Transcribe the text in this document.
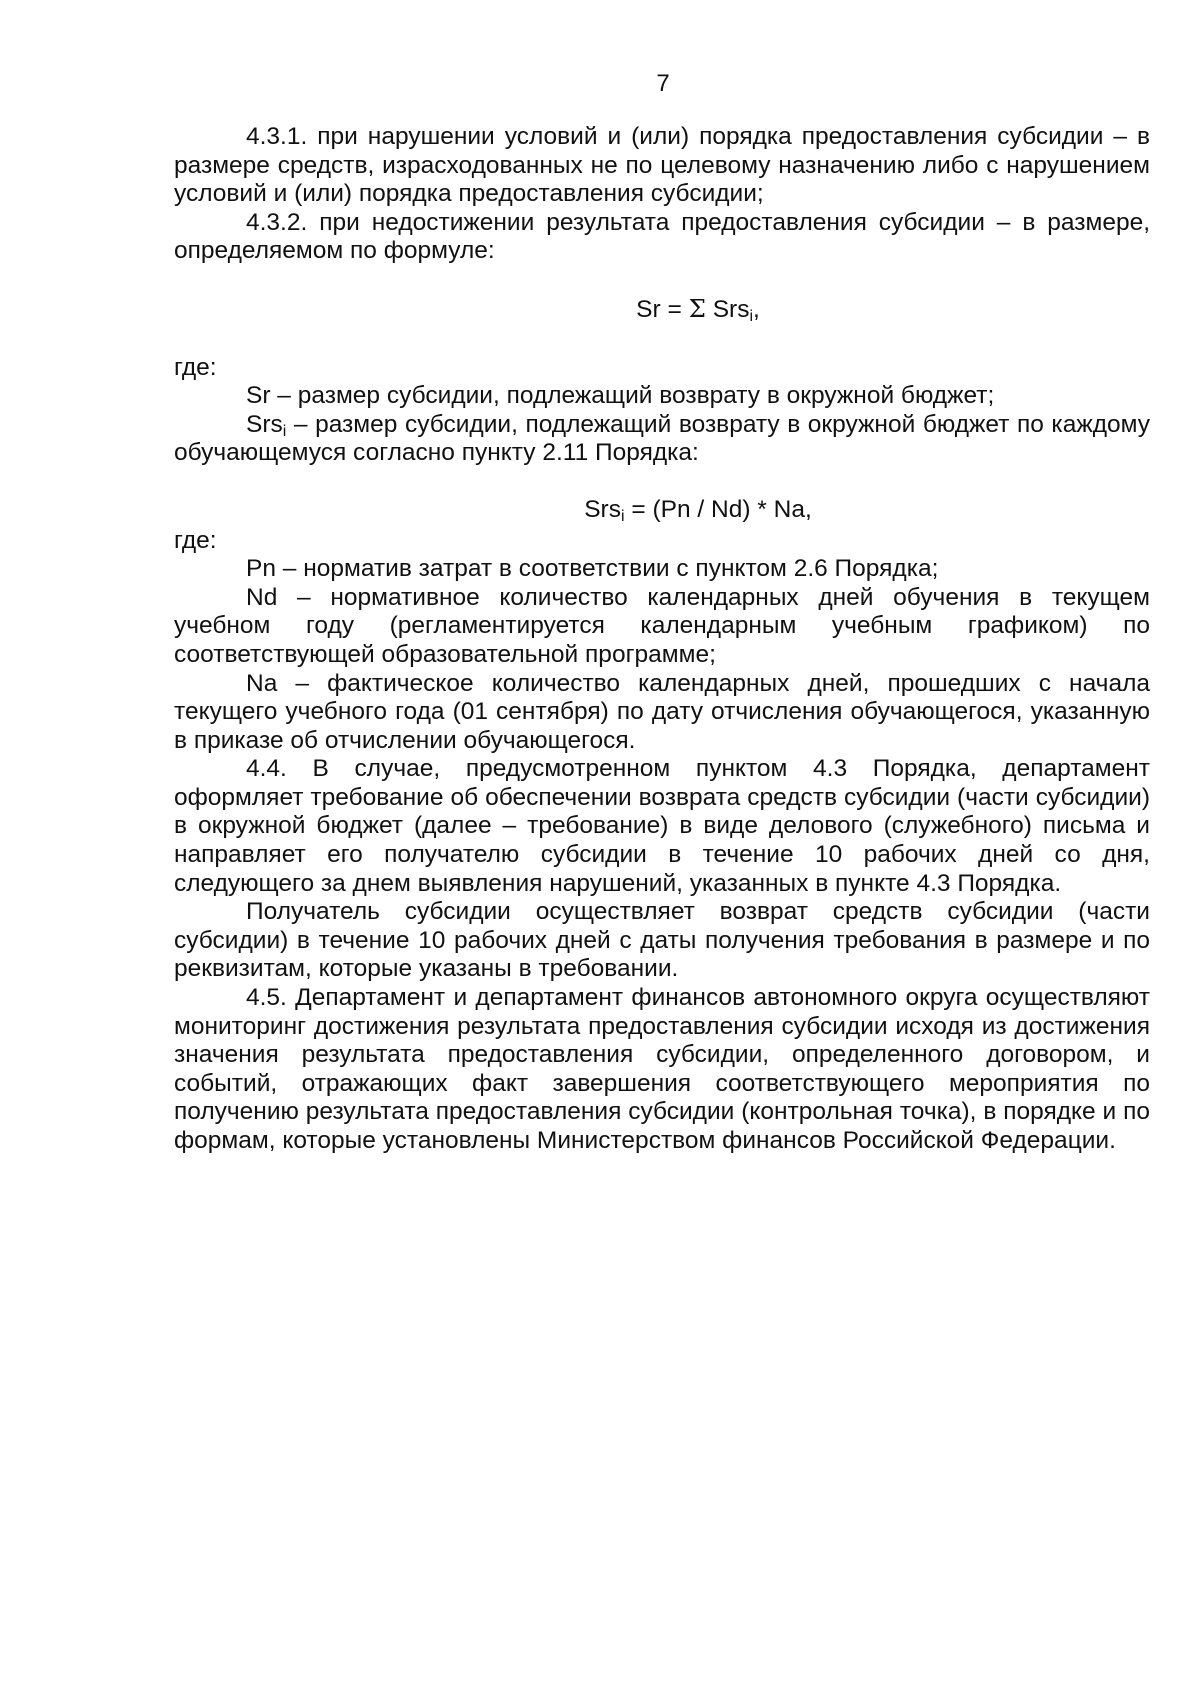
7

4.3.1. при нарушении условий и (или) порядка предоставления субсидии – в размере средств, израсходованных не по целевому назначению либо с нарушением условий и (или) порядка предоставления субсидии;

4.3.2. при недостижении результата предоставления субсидии – в размере, определяемом по формуле:

Sr = Σ Srs$_i$,

где:

Sr – размер субсидии, подлежащий возврату в окружной бюджет;

Srs$_i$ – размер субсидии, подлежащий возврату в окружной бюджет по каждому обучающемуся согласно пункту 2.11 Порядка:

Srs$_i$ = (Pn / Nd) * Na,

где:

Pn – норматив затрат в соответствии с пунктом 2.6 Порядка;

Nd – нормативное количество календарных дней обучения в текущем учебном году (регламентируется календарным учебным графиком) по соответствующей образовательной программе;

Na – фактическое количество календарных дней, прошедших с начала текущего учебного года (01 сентября) по дату отчисления обучающегося, указанную в приказе об отчислении обучающегося.

4.4. В случае, предусмотренном пунктом 4.3 Порядка, департамент оформляет требование об обеспечении возврата средств субсидии (части субсидии) в окружной бюджет (далее – требование) в виде делового (служебного) письма и направляет его получателю субсидии в течение 10 рабочих дней со дня, следующего за днем выявления нарушений, указанных в пункте 4.3 Порядка.

Получатель субсидии осуществляет возврат средств субсидии (части субсидии) в течение 10 рабочих дней с даты получения требования в размере и по реквизитам, которые указаны в требовании.

4.5. Департамент и департамент финансов автономного округа осуществляют мониторинг достижения результата предоставления субсидии исходя из достижения значения результата предоставления субсидии, определенного договором, и событий, отражающих факт завершения соответствующего мероприятия по получению результата предоставления субсидии (контрольная точка), в порядке и по формам, которые установлены Министерством финансов Российской Федерации.
